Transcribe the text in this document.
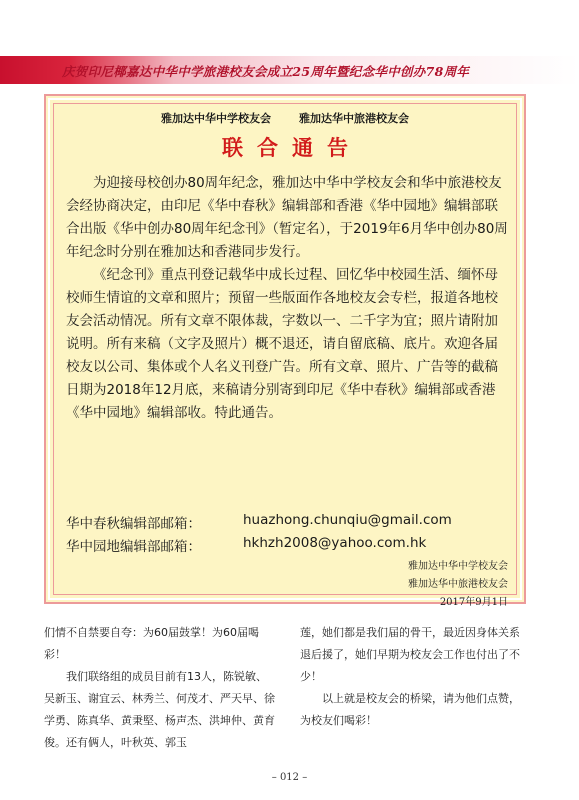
庆贺印尼椰嘉达中华中学旅港校友会成立25周年暨纪念华中创办78周年
雅加达中华中学校友会	雅加达华中旅港校友会
联合通告

为迎接母校创办80周年纪念，雅加达中华中学校友会和华中旅港校友会经协商决定，由印尼《华中春秋》编辑部和香港《华中园地》编辑部联合出版《华中创办80周年纪念刊》（暂定名），于2019年6月华中创办80周年纪念时分别在雅加达和香港同步发行。

《纪念刊》重点刊登记载华中成长过程、回忆华中校园生活、缅怀母校师生情谊的文章和照片；预留一些版面作各地校友会专栏，报道各地校友会活动情况。所有文章不限体裁，字数以一、二千字为宜；照片请附加说明。所有来稿（文字及照片）概不退还，请自留底稿、底片。欢迎各届校友以公司、集体或个人名义刊登广告。所有文章、照片、广告等的截稿日期为2018年12月底，来稿请分别寄到印尼《华中春秋》编辑部或香港《华中园地》编辑部收。特此通告。

华中春秋编辑部邮箱：	huazhong.chunqiu@gmail.com
华中园地编辑部邮箱：	hkhzh2008@yahoo.com.hk
雅加达中华中学校友会
雅加达华中旅港校友会
2017年9月1日

们情不自禁要自夸：为60届鼓掌！为60届喝彩！

我们联络组的成员目前有13人，陈锐敏、吴新玉、谢宜云、林秀兰、何茂才、严天早、徐学勇、陈真华、黄秉堅、杨声杰、洪坤仲、黄育俊。还有俩人，叶秋英、郭玉

莲，她们都是我们届的骨干，最近因身体关系退后援了，她们早期为校友会工作也付出了不少！

以上就是校友会的桥梁，请为他们点赞，为校友们喝彩！

– 012 –
